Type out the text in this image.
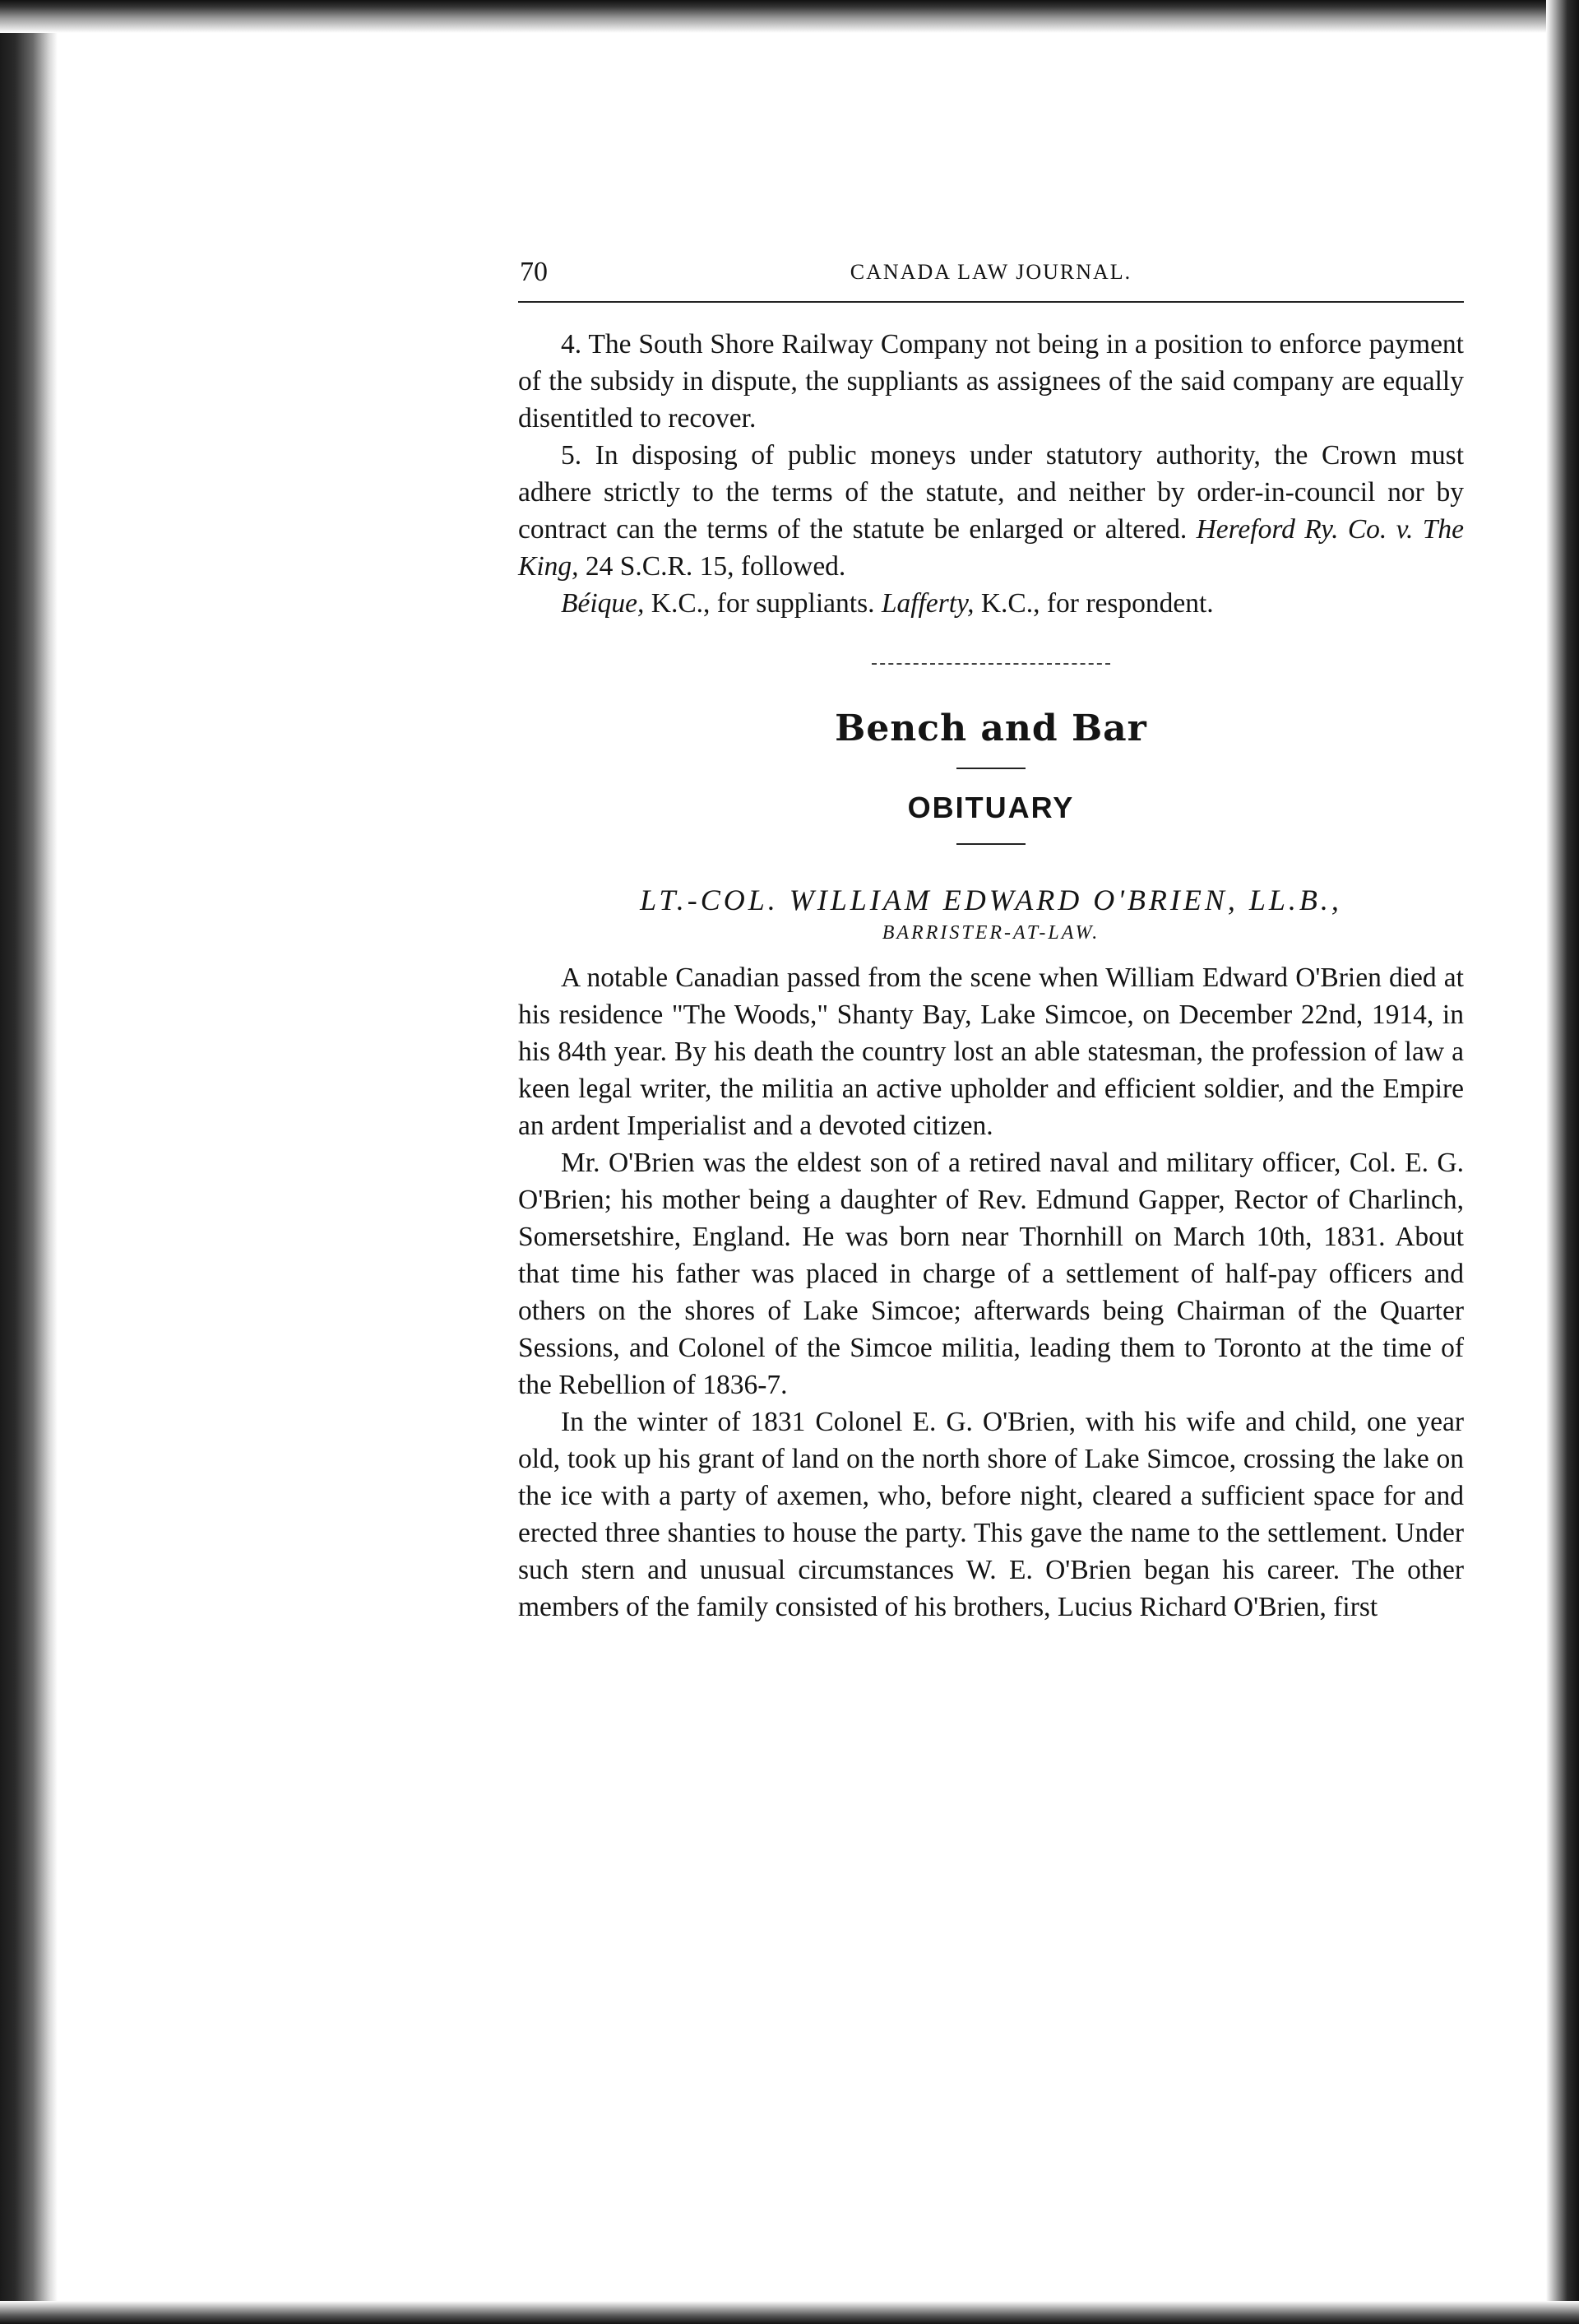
70	CANADA LAW JOURNAL.

4. The South Shore Railway Company not being in a position to enforce payment of the subsidy in dispute, the suppliants as assignees of the said company are equally disentitled to recover.

5. In disposing of public moneys under statutory authority, the Crown must adhere strictly to the terms of the statute, and neither by order-in-council nor by contract can the terms of the statute be enlarged or altered. Hereford Ry. Co. v. The King, 24 S.C.R. 15, followed.

Béique, K.C., for suppliants. Lafferty, K.C., for respondent.

Bench and Bar
OBITUARY
LT.-COL. WILLIAM EDWARD O'BRIEN, LL.B.,
BARRISTER-AT-LAW.

A notable Canadian passed from the scene when William Edward O'Brien died at his residence "The Woods," Shanty Bay, Lake Simcoe, on December 22nd, 1914, in his 84th year. By his death the country lost an able statesman, the profession of law a keen legal writer, the militia an active upholder and efficient soldier, and the Empire an ardent Imperialist and a devoted citizen.

Mr. O'Brien was the eldest son of a retired naval and military officer, Col. E. G. O'Brien; his mother being a daughter of Rev. Edmund Gapper, Rector of Charlinch, Somersetshire, England. He was born near Thornhill on March 10th, 1831. About that time his father was placed in charge of a settlement of half-pay officers and others on the shores of Lake Simcoe; afterwards being Chairman of the Quarter Sessions, and Colonel of the Simcoe militia, leading them to Toronto at the time of the Rebellion of 1836-7.

In the winter of 1831 Colonel E. G. O'Brien, with his wife and child, one year old, took up his grant of land on the north shore of Lake Simcoe, crossing the lake on the ice with a party of axemen, who, before night, cleared a sufficient space for and erected three shanties to house the party. This gave the name to the settlement. Under such stern and unusual circumstances W. E. O'Brien began his career. The other members of the family consisted of his brothers, Lucius Richard O'Brien, first
